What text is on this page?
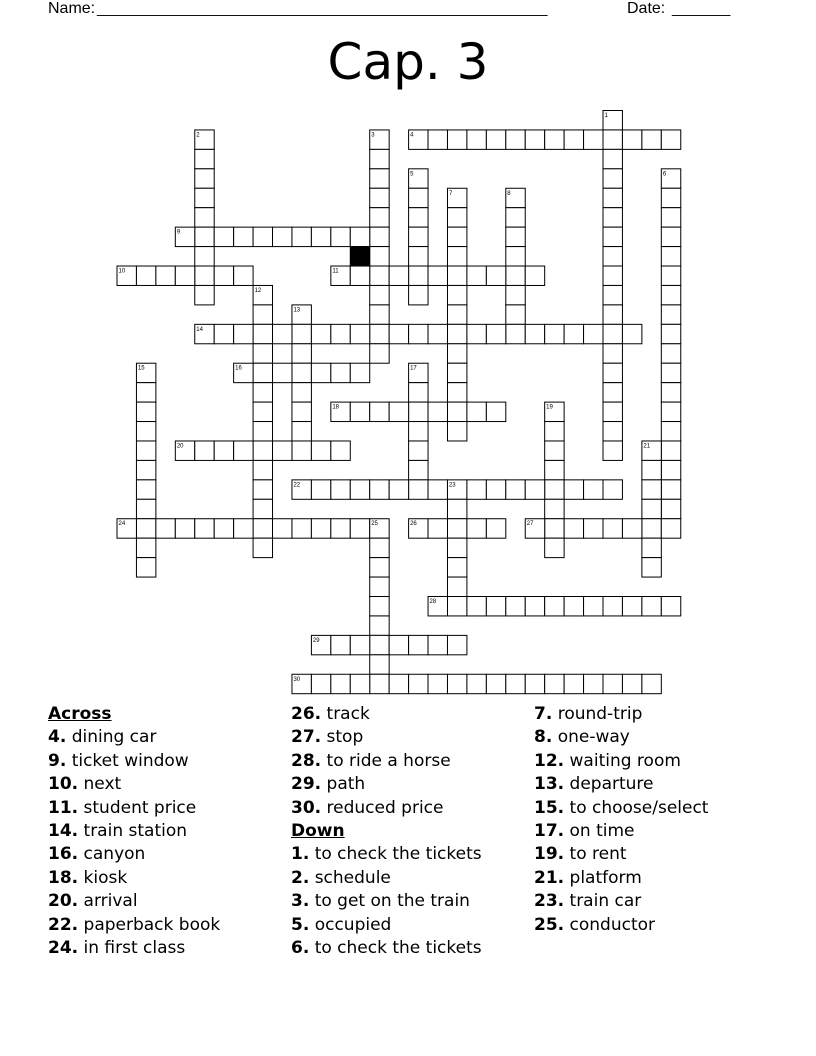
Name: ______________________________________________________	Date: _______
Cap. 3
1
2	3	4
5	6
7	8
9
10	11
12
13
14
15	16	17
18	19
20	21
22	23
24	25	26	27
28
29
30
Across
4. dining car
9. ticket window
10. next
11. student price
14. train station
16. canyon
18. kiosk
20. arrival
22. paperback book
24. in first class
26. track
27. stop
28. to ride a horse
29. path
30. reduced price
Down
1. to check the tickets
2. schedule
3. to get on the train
5. occupied
6. to check the tickets
7. round-trip
8. one-way
12. waiting room
13. departure
15. to choose/select
17. on time
19. to rent
21. platform
23. train car
25. conductor
